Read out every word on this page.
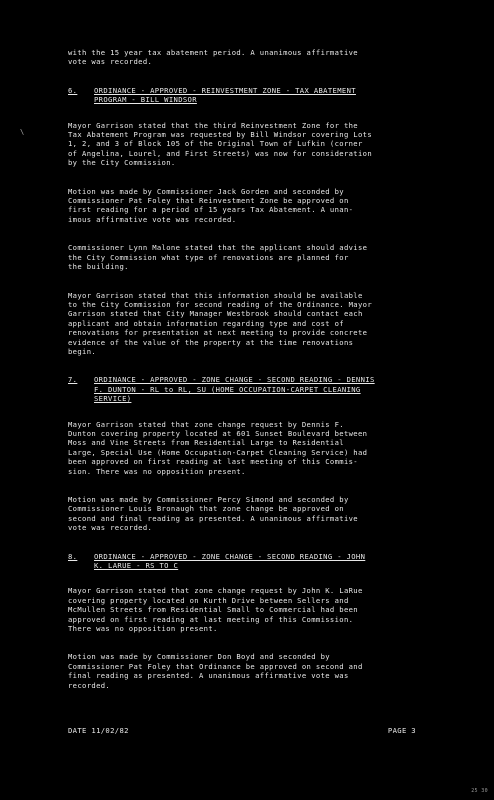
\
with the 15 year tax abatement period. A unanimous affirmative
vote was recorded.
6.	ORDINANCE - APPROVED - REINVESTMENT ZONE - TAX ABATEMENT
PROGRAM - BILL WINDSOR
Mayor Garrison stated that the third Reinvestment Zone for the
Tax Abatement Program was requested by Bill Windsor covering Lots
1, 2, and 3 of Block 105 of the Original Town of Lufkin (corner
of Angelina, Lourel, and First Streets) was now for consideration
by the City Commission.
Motion was made by Commissioner Jack Gorden and seconded by
Commissioner Pat Foley that Reinvestment Zone be approved on
first reading for a period of 15 years Tax Abatement. A unan-
imous affirmative vote was recorded.
Commissioner Lynn Malone stated that the applicant should advise
the City Commission what type of renovations are planned for
the building.
Mayor Garrison stated that this information should be available
to the City Commission for second reading of the Ordinance. Mayor
Garrison stated that City Manager Westbrook should contact each
applicant and obtain information regarding type and cost of
renovations for presentation at next meeting to provide concrete
evidence of the value of the property at the time renovations
begin.
7.	ORDINANCE - APPROVED - ZONE CHANGE - SECOND READING - DENNIS
F. DUNTON - RL to RL, SU (HOME OCCUPATION-CARPET CLEANING
SERVICE)
Mayor Garrison stated that zone change request by Dennis F.
Dunton covering property located at 601 Sunset Boulevard between
Moss and Vine Streets from Residential Large to Residential
Large, Special Use (Home Occupation-Carpet Cleaning Service) had
been approved on first reading at last meeting of this Commis-
sion. There was no opposition present.
Motion was made by Commissioner Percy Simond and seconded by
Commissioner Louis Bronaugh that zone change be approved on
second and final reading as presented. A unanimous affirmative
vote was recorded.
8.	ORDINANCE - APPROVED - ZONE CHANGE - SECOND READING - JOHN
K. LARUE - RS TO C
Mayor Garrison stated that zone change request by John K. LaRue
covering property located on Kurth Drive between Sellers and
McMullen Streets from Residential Small to Commercial had been
approved on first reading at last meeting of this Commission.
There was no opposition present.
Motion was made by Commissioner Don Boyd and seconded by
Commissioner Pat Foley that Ordinance be approved on second and
final reading as presented. A unanimous affirmative vote was
recorded.
DATE 11/02/82	PAGE 3
25 30
